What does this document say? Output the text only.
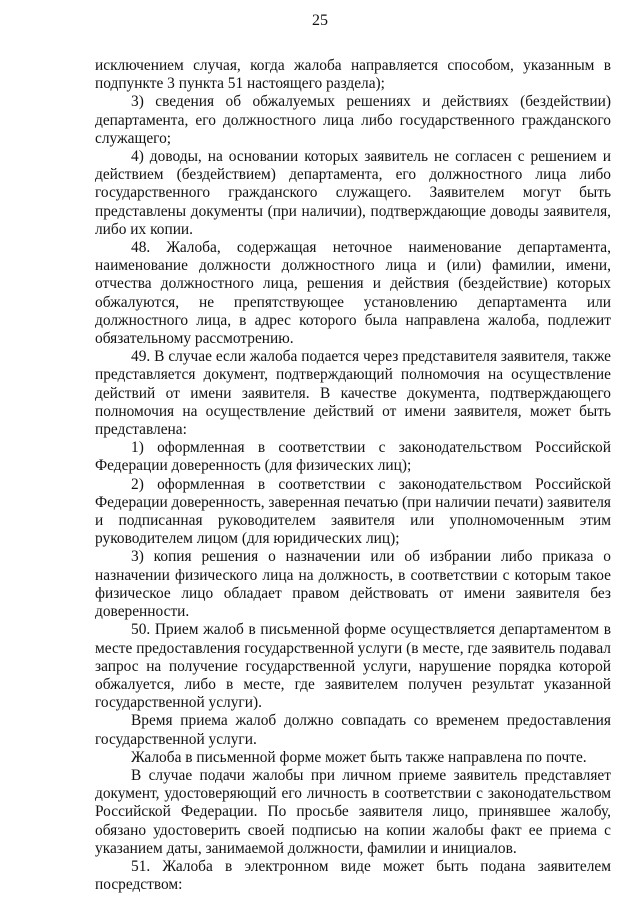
25

исключением случая, когда жалоба направляется способом, указанным в подпункте 3 пункта 51 настоящего раздела);

3) сведения об обжалуемых решениях и действиях (бездействии) департамента, его должностного лица либо государственного гражданского служащего;

4) доводы, на основании которых заявитель не согласен с решением и действием (бездействием) департамента, его должностного лица либо государственного гражданского служащего. Заявителем могут быть представлены документы (при наличии), подтверждающие доводы заявителя, либо их копии.

48. Жалоба, содержащая неточное наименование департамента, наименование должности должностного лица и (или) фамилии, имени, отчества должностного лица, решения и действия (бездействие) которых обжалуются, не препятствующее установлению департамента или должностного лица, в адрес которого была направлена жалоба, подлежит обязательному рассмотрению.

49. В случае если жалоба подается через представителя заявителя, также представляется документ, подтверждающий полномочия на осуществление действий от имени заявителя. В качестве документа, подтверждающего полномочия на осуществление действий от имени заявителя, может быть представлена:

1) оформленная в соответствии с законодательством Российской Федерации доверенность (для физических лиц);

2) оформленная в соответствии с законодательством Российской Федерации доверенность, заверенная печатью (при наличии печати) заявителя и подписанная руководителем заявителя или уполномоченным этим руководителем лицом (для юридических лиц);

3) копия решения о назначении или об избрании либо приказа о назначении физического лица на должность, в соответствии с которым такое физическое лицо обладает правом действовать от имени заявителя без доверенности.

50. Прием жалоб в письменной форме осуществляется департаментом в месте предоставления государственной услуги (в месте, где заявитель подавал запрос на получение государственной услуги, нарушение порядка которой обжалуется, либо в месте, где заявителем получен результат указанной государственной услуги).

Время приема жалоб должно совпадать со временем предоставления государственной услуги.

Жалоба в письменной форме может быть также направлена по почте.

В случае подачи жалобы при личном приеме заявитель представляет документ, удостоверяющий его личность в соответствии с законодательством Российской Федерации. По просьбе заявителя лицо, принявшее жалобу, обязано удостоверить своей подписью на копии жалобы факт ее приема с указанием даты, занимаемой должности, фамилии и инициалов.

51. Жалоба в электронном виде может быть подана заявителем посредством:
